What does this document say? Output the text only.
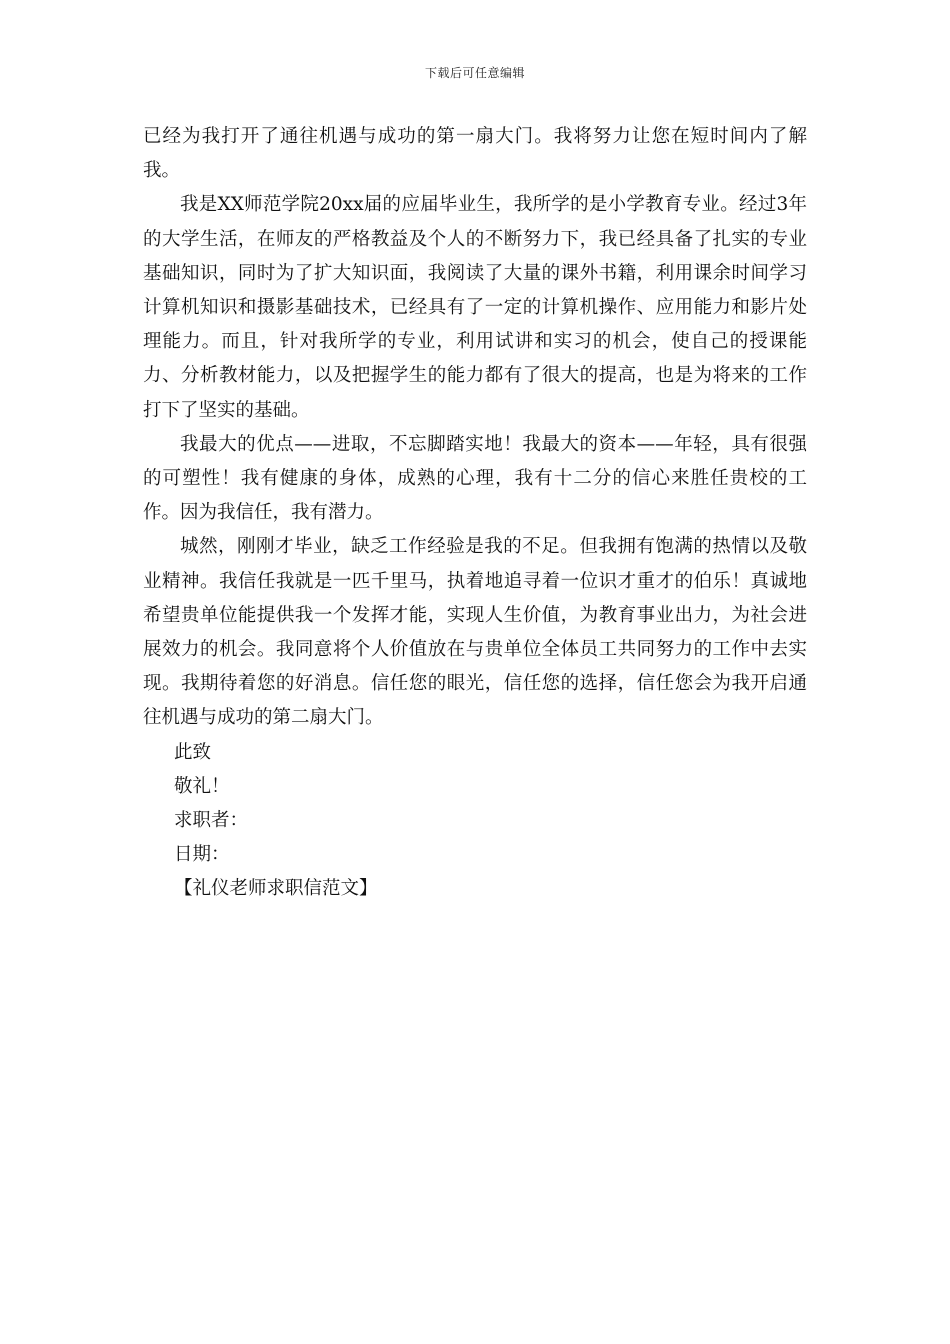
下载后可任意编辑

已经为我打开了通往机遇与成功的第一扇大门。我将努力让您在短时间内了解我。

我是XX师范学院20xx届的应届毕业生，我所学的是小学教育专业。经过3年的大学生活，在师友的严格教益及个人的不断努力下，我已经具备了扎实的专业基础知识，同时为了扩大知识面，我阅读了大量的课外书籍，利用课余时间学习计算机知识和摄影基础技术，已经具有了一定的计算机操作、应用能力和影片处理能力。而且，针对我所学的专业，利用试讲和实习的机会，使自己的授课能力、分析教材能力，以及把握学生的能力都有了很大的提高，也是为将来的工作打下了坚实的基础。

我最大的优点——进取，不忘脚踏实地！我最大的资本——年轻，具有很强的可塑性！我有健康的身体，成熟的心理，我有十二分的信心来胜任贵校的工作。因为我信任，我有潜力。

城然，刚刚才毕业，缺乏工作经验是我的不足。但我拥有饱满的热情以及敬业精神。我信任我就是一匹千里马，执着地追寻着一位识才重才的伯乐！真诚地希望贵单位能提供我一个发挥才能，实现人生价值，为教育事业出力，为社会进展效力的机会。我同意将个人价值放在与贵单位全体员工共同努力的工作中去实现。我期待着您的好消息。信任您的眼光，信任您的选择，信任您会为我开启通往机遇与成功的第二扇大门。

此致

敬礼！

求职者：

日期：

【礼仪老师求职信范文】
